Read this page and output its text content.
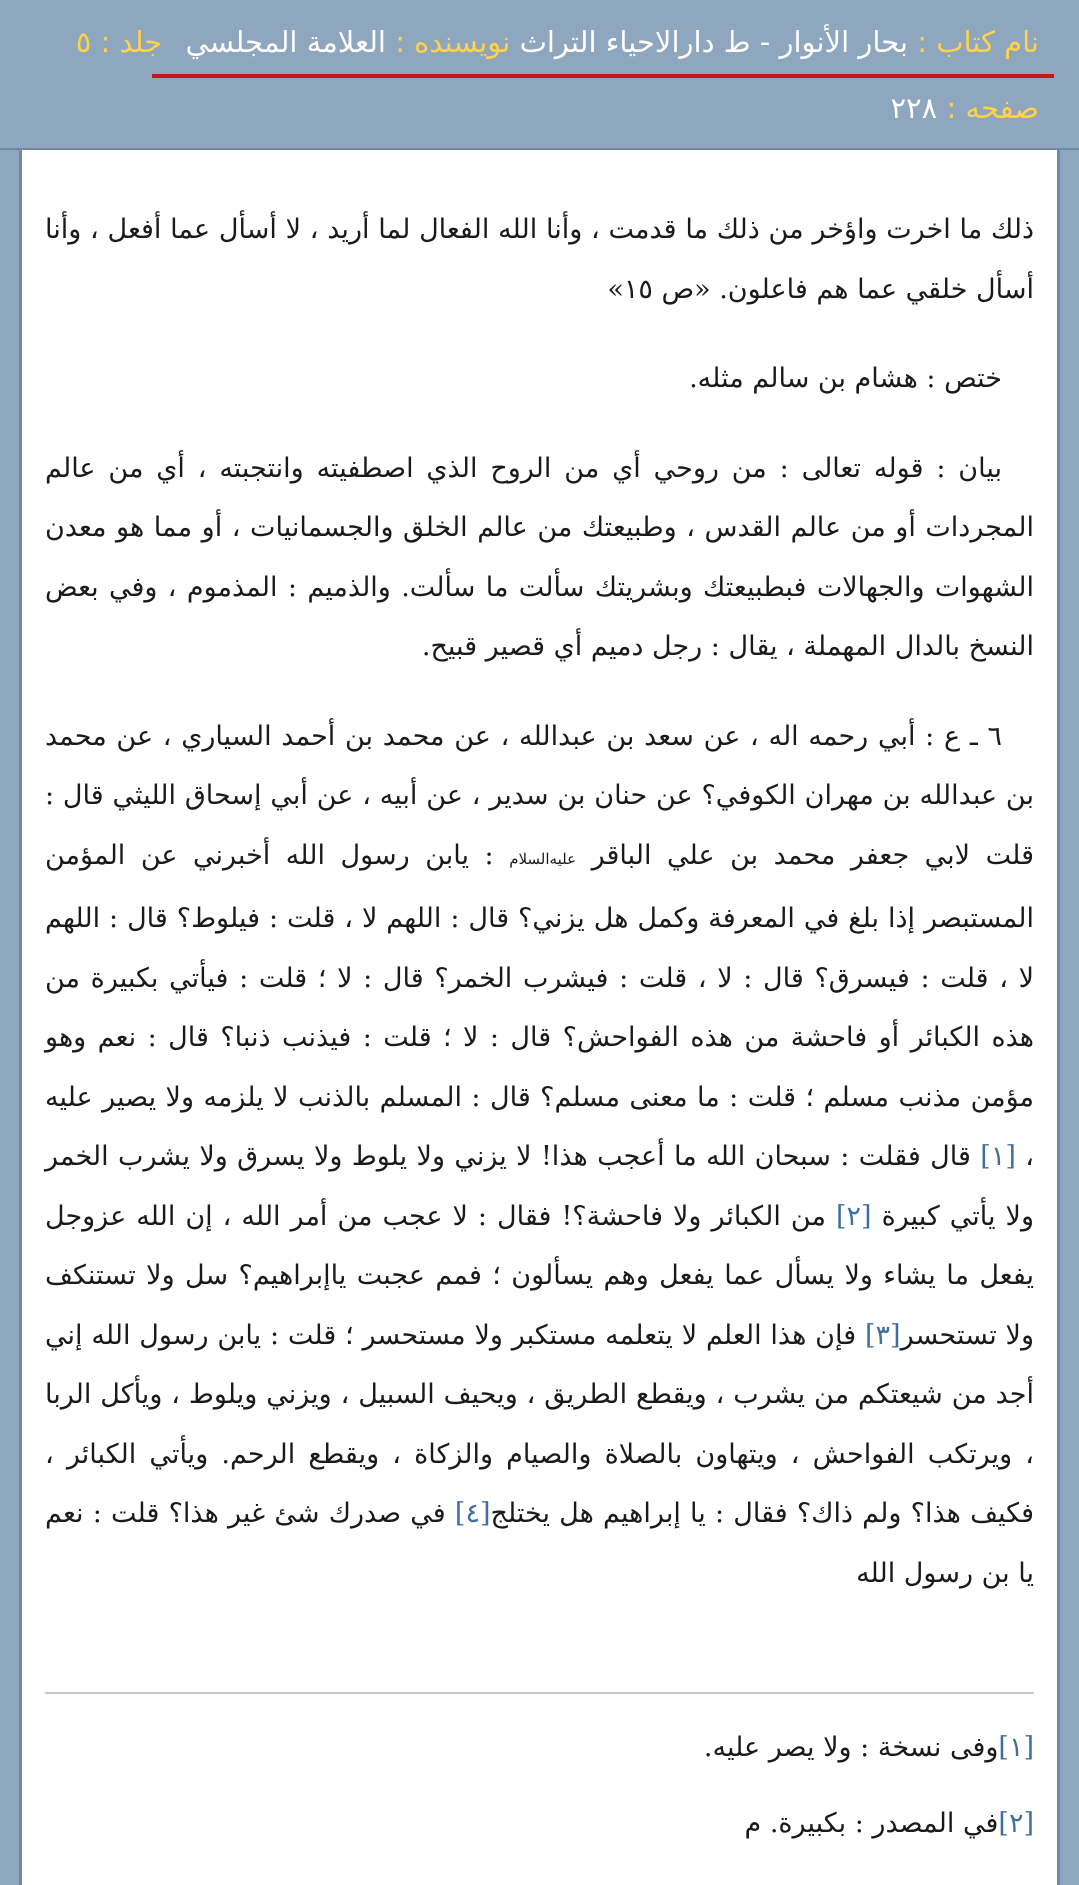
نام کتاب : بحار الأنوار - ط دارالاحياء التراث نويسنده : العلامة المجلسي جلد : ٥
صفحه : ٢٢٨

ذلك ما اخرت واؤخر من ذلك ما قدمت ، وأنا الله الفعال لما أريد ، لا أسأل عما أفعل ، وأنا أسأل خلقي عما هم فاعلون. «ص ١٥»

ختص : هشام بن سالم مثله.

بيان : قوله تعالى : من روحي أي من الروح الذي اصطفيته وانتجبته ، أي من عالم المجردات أو من عالم القدس ، وطبيعتك من عالم الخلق والجسمانيات ، أو مما هو معدن الشهوات والجهالات فبطبيعتك وبشريتك سألت ما سألت. والذميم : المذموم ، وفي بعض النسخ بالدال المهملة ، يقال : رجل دميم أي قصير قبيح.

٦ ـ ع : أبي رحمه اله ، عن سعد بن عبدالله ، عن محمد بن أحمد السياري ، عن محمد بن عبدالله بن مهران الكوفي؟ عن حنان بن سدير ، عن أبيه ، عن أبي إسحاق الليثي قال : قلت لابي جعفر محمد بن علي الباقر عليه‌السلام : يابن رسول الله أخبرني عن المؤمن المستبصر إذا بلغ في المعرفة وكمل هل يزني؟ قال : اللهم لا ، قلت : فيلوط؟ قال : اللهم لا ، قلت : فيسرق؟ قال : لا ، قلت : فيشرب الخمر؟ قال : لا ؛ قلت : فيأتي بكبيرة من هذه الكبائر أو فاحشة من هذه الفواحش؟ قال : لا ؛ قلت : فيذنب ذنبا؟ قال : نعم وهو مؤمن مذنب مسلم ؛ قلت : ما معنى مسلم؟ قال : المسلم بالذنب لا يلزمه ولا يصير عليه ، [١] قال فقلت : سبحان الله ما أعجب هذا! لا يزني ولا يلوط ولا يسرق ولا يشرب الخمر ولا يأتي كبيرة [٢] من الكبائر ولا فاحشة؟! فقال : لا عجب من أمر الله ، إن الله عزوجل يفعل ما يشاء ولا يسأل عما يفعل وهم يسألون ؛ فمم عجبت ياإبراهيم؟ سل ولا تستنكف ولا تستحسر[٣] فإن هذا العلم لا يتعلمه مستكبر ولا مستحسر ؛ قلت : يابن رسول الله إني أجد من شيعتكم من يشرب ، ويقطع الطريق ، ويحيف السبيل ، ويزني ويلوط ، ويأكل الربا ، ويرتكب الفواحش ، ويتهاون بالصلاة والصيام والزكاة ، ويقطع الرحم. ويأتي الكبائر ، فكيف هذا؟ ولم ذاك؟ فقال : يا إبراهيم هل يختلج[٤] في صدرك شئ غير هذا؟ قلت : نعم يا بن رسول الله

[١]وفى نسخة : ولا يصر عليه.
[٢]في المصدر : بكبيرة. م
